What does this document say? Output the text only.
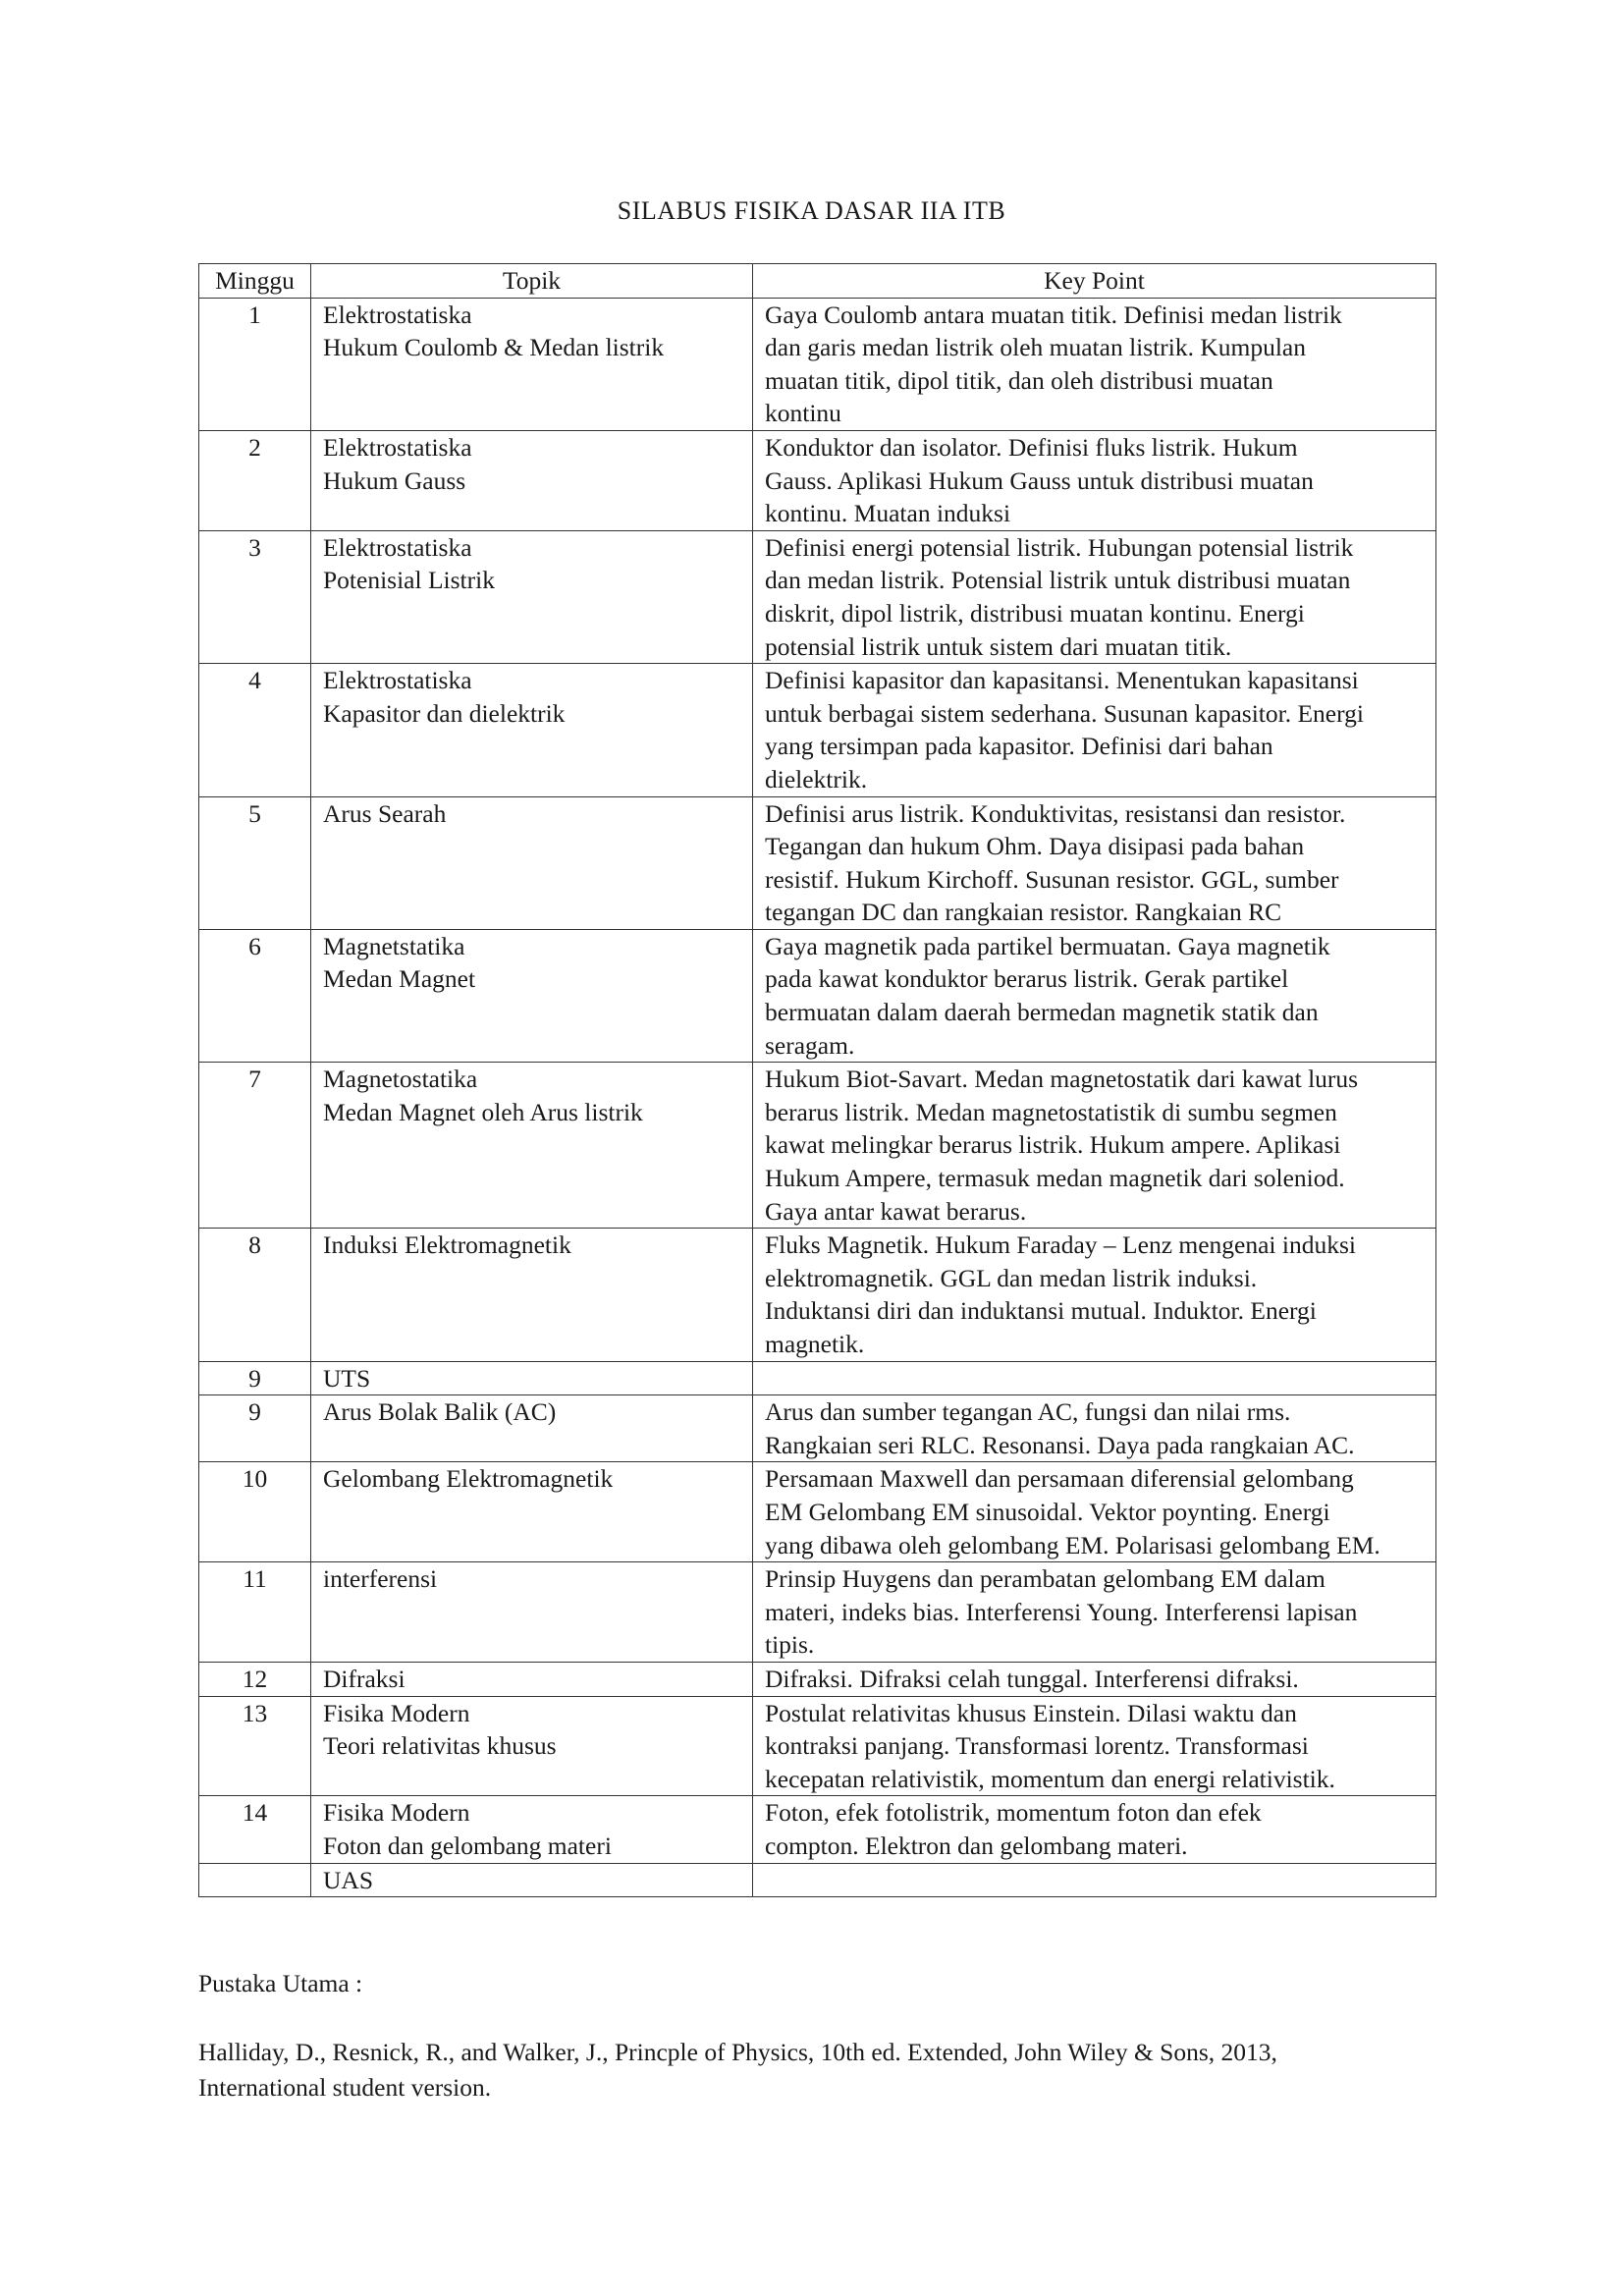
SILABUS FISIKA DASAR IIA ITB
Minggu	Topik	Key Point
1	Elektrostatiska
Hukum Coulomb & Medan listrik	Gaya Coulomb antara muatan titik. Definisi medan listrik
dan garis medan listrik oleh muatan listrik. Kumpulan
muatan titik, dipol titik, dan oleh distribusi muatan
kontinu

2	Elektrostatiska
Hukum Gauss	Konduktor dan isolator. Definisi fluks listrik. Hukum
Gauss. Aplikasi Hukum Gauss untuk distribusi muatan
kontinu. Muatan induksi

3	Elektrostatiska
Potenisial Listrik	Definisi energi potensial listrik. Hubungan potensial listrik
dan medan listrik. Potensial listrik untuk distribusi muatan
diskrit, dipol listrik, distribusi muatan kontinu. Energi
potensial listrik untuk sistem dari muatan titik.

4	Elektrostatiska
Kapasitor dan dielektrik	Definisi kapasitor dan kapasitansi. Menentukan kapasitansi
untuk berbagai sistem sederhana. Susunan kapasitor. Energi
yang tersimpan pada kapasitor. Definisi dari bahan
dielektrik.

5	Arus Searah	Definisi arus listrik. Konduktivitas, resistansi dan resistor.
Tegangan dan hukum Ohm. Daya disipasi pada bahan
resistif. Hukum Kirchoff. Susunan resistor. GGL, sumber
tegangan DC dan rangkaian resistor. Rangkaian RC

6	Magnetstatika
Medan Magnet	Gaya magnetik pada partikel bermuatan. Gaya magnetik
pada kawat konduktor berarus listrik. Gerak partikel
bermuatan dalam daerah bermedan magnetik statik dan
seragam.

7	Magnetostatika
Medan Magnet oleh Arus listrik	Hukum Biot-Savart. Medan magnetostatik dari kawat lurus
berarus listrik. Medan magnetostatistik di sumbu segmen
kawat melingkar berarus listrik. Hukum ampere. Aplikasi
Hukum Ampere, termasuk medan magnetik dari soleniod.
Gaya antar kawat berarus.

8	Induksi Elektromagnetik	Fluks Magnetik. Hukum Faraday – Lenz mengenai induksi
elektromagnetik. GGL dan medan listrik induksi.
Induktansi diri dan induktansi mutual. Induktor. Energi
magnetik.

9	UTS	

9	Arus Bolak Balik (AC)	Arus dan sumber tegangan AC, fungsi dan nilai rms.
Rangkaian seri RLC. Resonansi. Daya pada rangkaian AC.

10	Gelombang Elektromagnetik	Persamaan Maxwell dan persamaan diferensial gelombang
EM Gelombang EM sinusoidal. Vektor poynting. Energi
yang dibawa oleh gelombang EM. Polarisasi gelombang EM.

11	interferensi	Prinsip Huygens dan perambatan gelombang EM dalam
materi, indeks bias. Interferensi Young. Interferensi lapisan
tipis.

12	Difraksi	Difraksi. Difraksi celah tunggal. Interferensi difraksi.

13	Fisika Modern
Teori relativitas khusus	Postulat relativitas khusus Einstein. Dilasi waktu dan
kontraksi panjang. Transformasi lorentz. Transformasi
kecepatan relativistik, momentum dan energi relativistik.

14	Fisika Modern
Foton dan gelombang materi	Foton, efek fotolistrik, momentum foton dan efek
compton. Elektron dan gelombang materi.

	UAS	

Pustaka Utama :
Halliday, D., Resnick, R., and Walker, J., Princple of Physics, 10th ed. Extended, John Wiley & Sons, 2013,
International student version.
